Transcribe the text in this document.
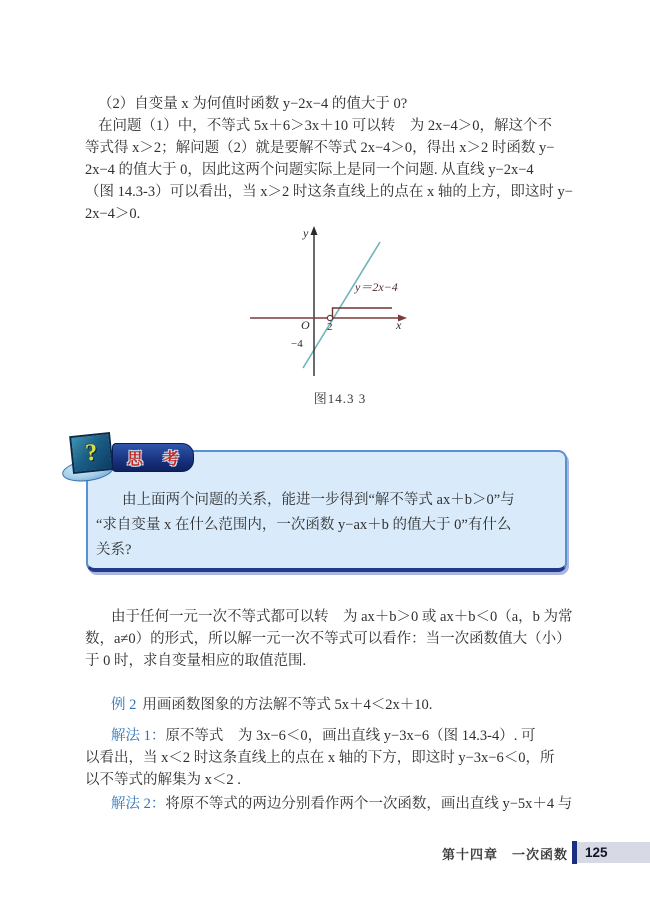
（2）自变量 x 为何值时函数 y−2x−4 的值大于 0?
在问题（1）中，不等式 5x＋6＞3x＋10 可以转　为 2x−4＞0，解这个不
等式得 x＞2；解问题（2）就是要解不等式 2x−4＞0，得出 x＞2 时函数 y−
2x−4 的值大于 0，因此这两个问题实际上是同一个问题. 从直线 y−2x−4
（图 14.3-3）可以看出，当 x＞2 时这条直线上的点在 x 轴的上方，即这时 y−
2x−4＞0.
y
x
O 2
−4
y＝2x−4
图14.3 3
由上面两个问题的关系，能进一步得到“解不等式 ax＋b＞0”与
“求自变量 x 在什么范围内，一次函数 y−ax＋b 的值大于 0”有什么
关系?
?	思 考
由于任何一元一次不等式都可以转　为 ax＋b＞0 或 ax＋b＜0（a，b 为常
数，a≠0）的形式，所以解一元一次不等式可以看作：当一次函数值大（小）
于 0 时，求自变量相应的取值范围.
例 2 用画函数图象的方法解不等式 5x＋4＜2x＋10.
解法 1：原不等式　为 3x−6＜0，画出直线 y−3x−6（图 14.3-4）. 可
以看出，当 x＜2 时这条直线上的点在 x 轴的下方，即这时 y−3x−6＜0，所
以不等式的解集为 x＜2 .
解法 2：将原不等式的两边分别看作两个一次函数，画出直线 y−5x＋4 与
第十四章　一次函数	125
